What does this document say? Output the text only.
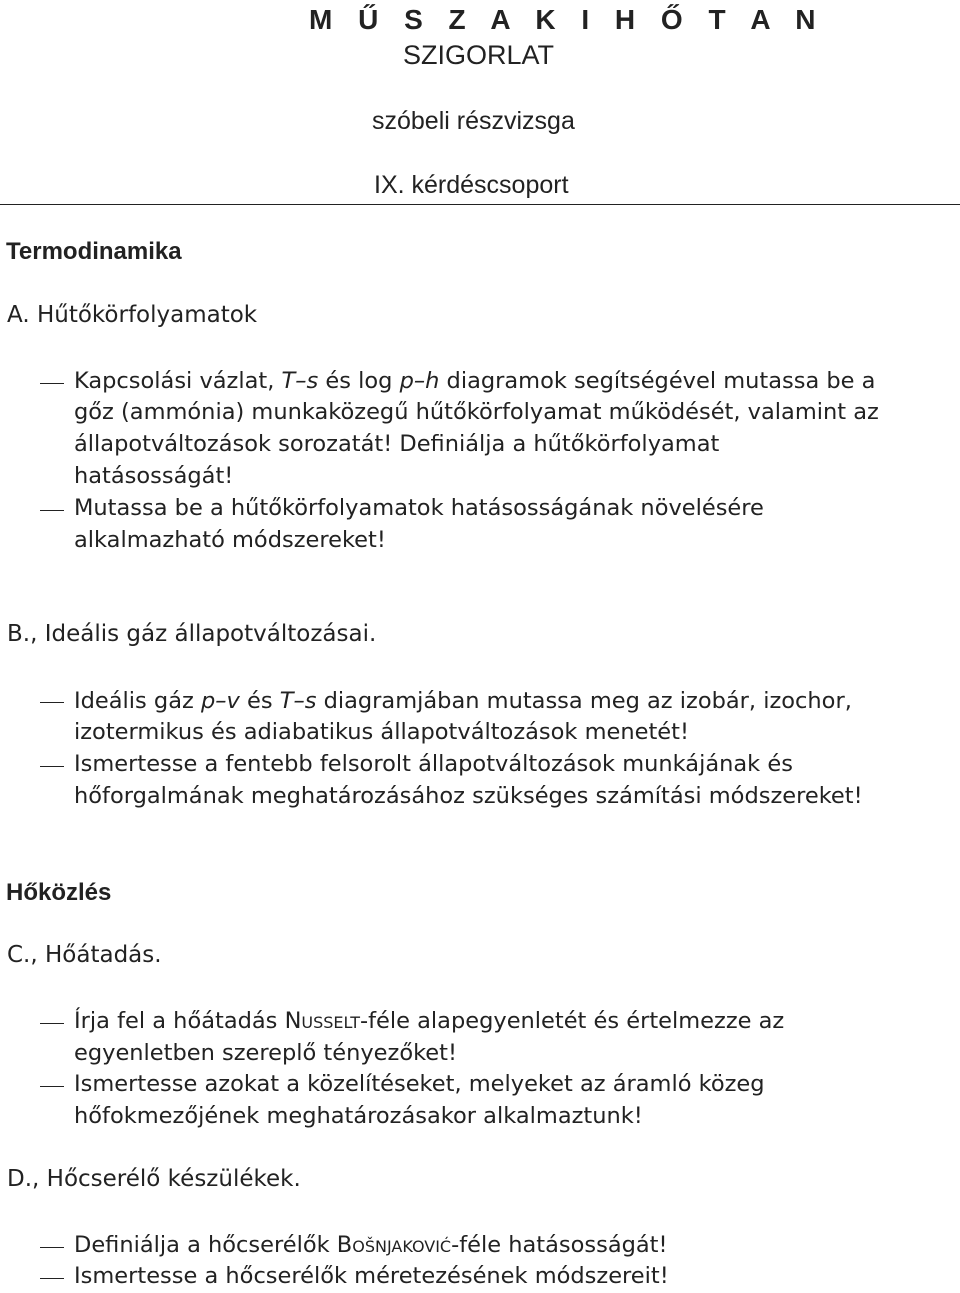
M Ű S Z A K I H Ő T A N
SZIGORLAT
szóbeli részvizsga
IX. kérdéscsoport
Termodinamika
A. Hűtőkörfolyamatok
Kapcsolási vázlat, T–s és log p–h diagramok segítségével mutassa be a
gőz (ammónia) munkaközegű hűtőkörfolyamat működését, valamint az
állapotváltozások sorozatát! Definiálja a hűtőkörfolyamat
hatásosságát!
Mutassa be a hűtőkörfolyamatok hatásosságának növelésére
alkalmazható módszereket!
B., Ideális gáz állapotváltozásai.
Ideális gáz p–v és T–s diagramjában mutassa meg az izobár, izochor,
izotermikus és adiabatikus állapotváltozások menetét!
Ismertesse a fentebb felsorolt állapotváltozások munkájának és
hőforgalmának meghatározásához szükséges számítási módszereket!
Hőközlés
C., Hőátadás.
Írja fel a hőátadás Nusselt-féle alapegyenletét és értelmezze az
egyenletben szereplő tényezőket!
Ismertesse azokat a közelítéseket, melyeket az áramló közeg
hőfokmezőjének meghatározásakor alkalmaztunk!
D., Hőcserélő készülékek.
Definiálja a hőcserélők Bošnjaković-féle hatásosságát!
Ismertesse a hőcserélők méretezésének módszereit!
